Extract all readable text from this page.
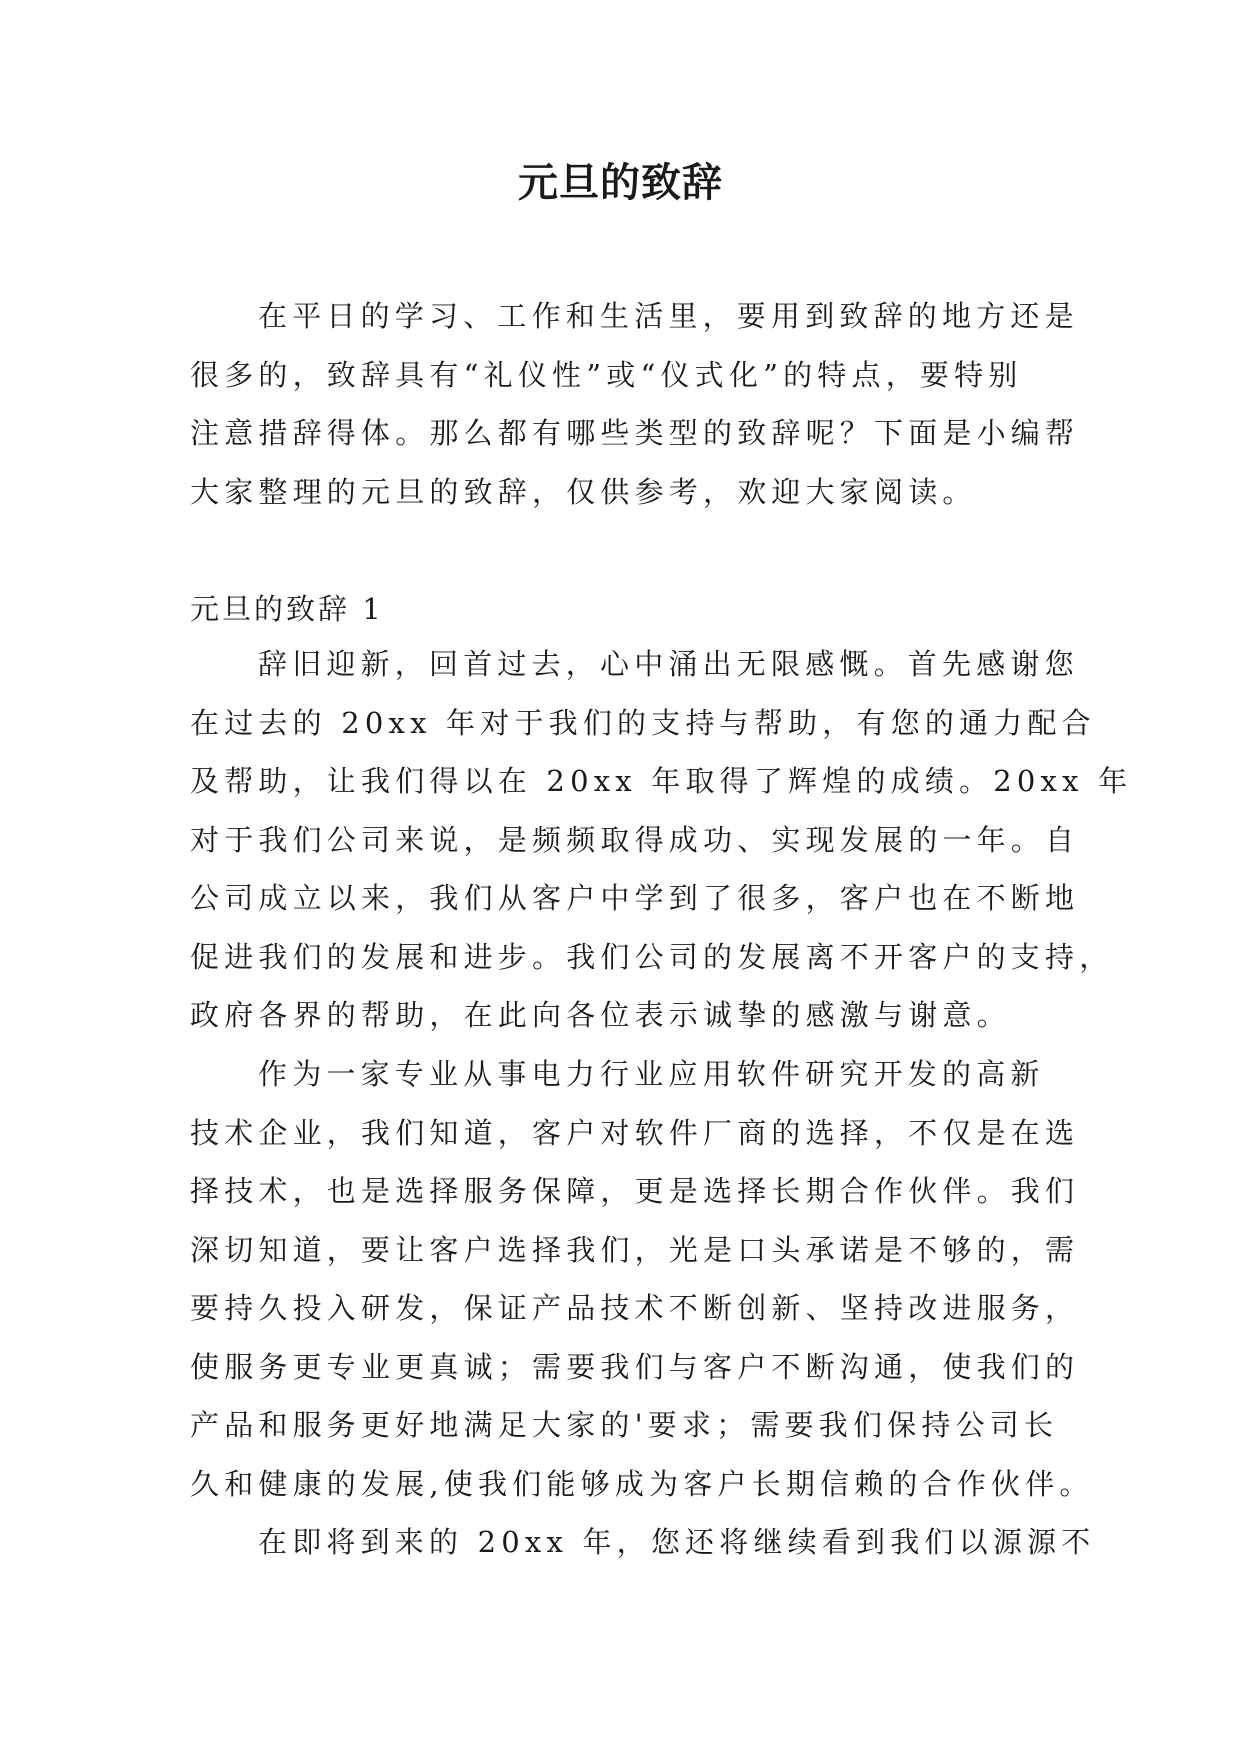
元旦的致辞
在平日的学习、工作和生活里，要用到致辞的地方还是
很多的，致辞具有“礼仪性”或“仪式化”的特点，要特别
注意措辞得体。那么都有哪些类型的致辞呢？下面是小编帮
大家整理的元旦的致辞，仅供参考，欢迎大家阅读。
元旦的致辞 1
辞旧迎新，回首过去，心中涌出无限感慨。首先感谢您
在过去的 20xx 年对于我们的支持与帮助，有您的通力配合
及帮助，让我们得以在 20xx 年取得了辉煌的成绩。20xx 年
对于我们公司来说，是频频取得成功、实现发展的一年。自
公司成立以来，我们从客户中学到了很多，客户也在不断地
促进我们的发展和进步。我们公司的发展离不开客户的支持，
政府各界的帮助，在此向各位表示诚挚的感激与谢意。
作为一家专业从事电力行业应用软件研究开发的高新
技术企业，我们知道，客户对软件厂商的选择，不仅是在选
择技术，也是选择服务保障，更是选择长期合作伙伴。我们
深切知道，要让客户选择我们，光是口头承诺是不够的，需
要持久投入研发，保证产品技术不断创新、坚持改进服务，
使服务更专业更真诚；需要我们与客户不断沟通，使我们的
产品和服务更好地满足大家的'要求；需要我们保持公司长
久和健康的发展,使我们能够成为客户长期信赖的合作伙伴。
在即将到来的 20xx 年，您还将继续看到我们以源源不
